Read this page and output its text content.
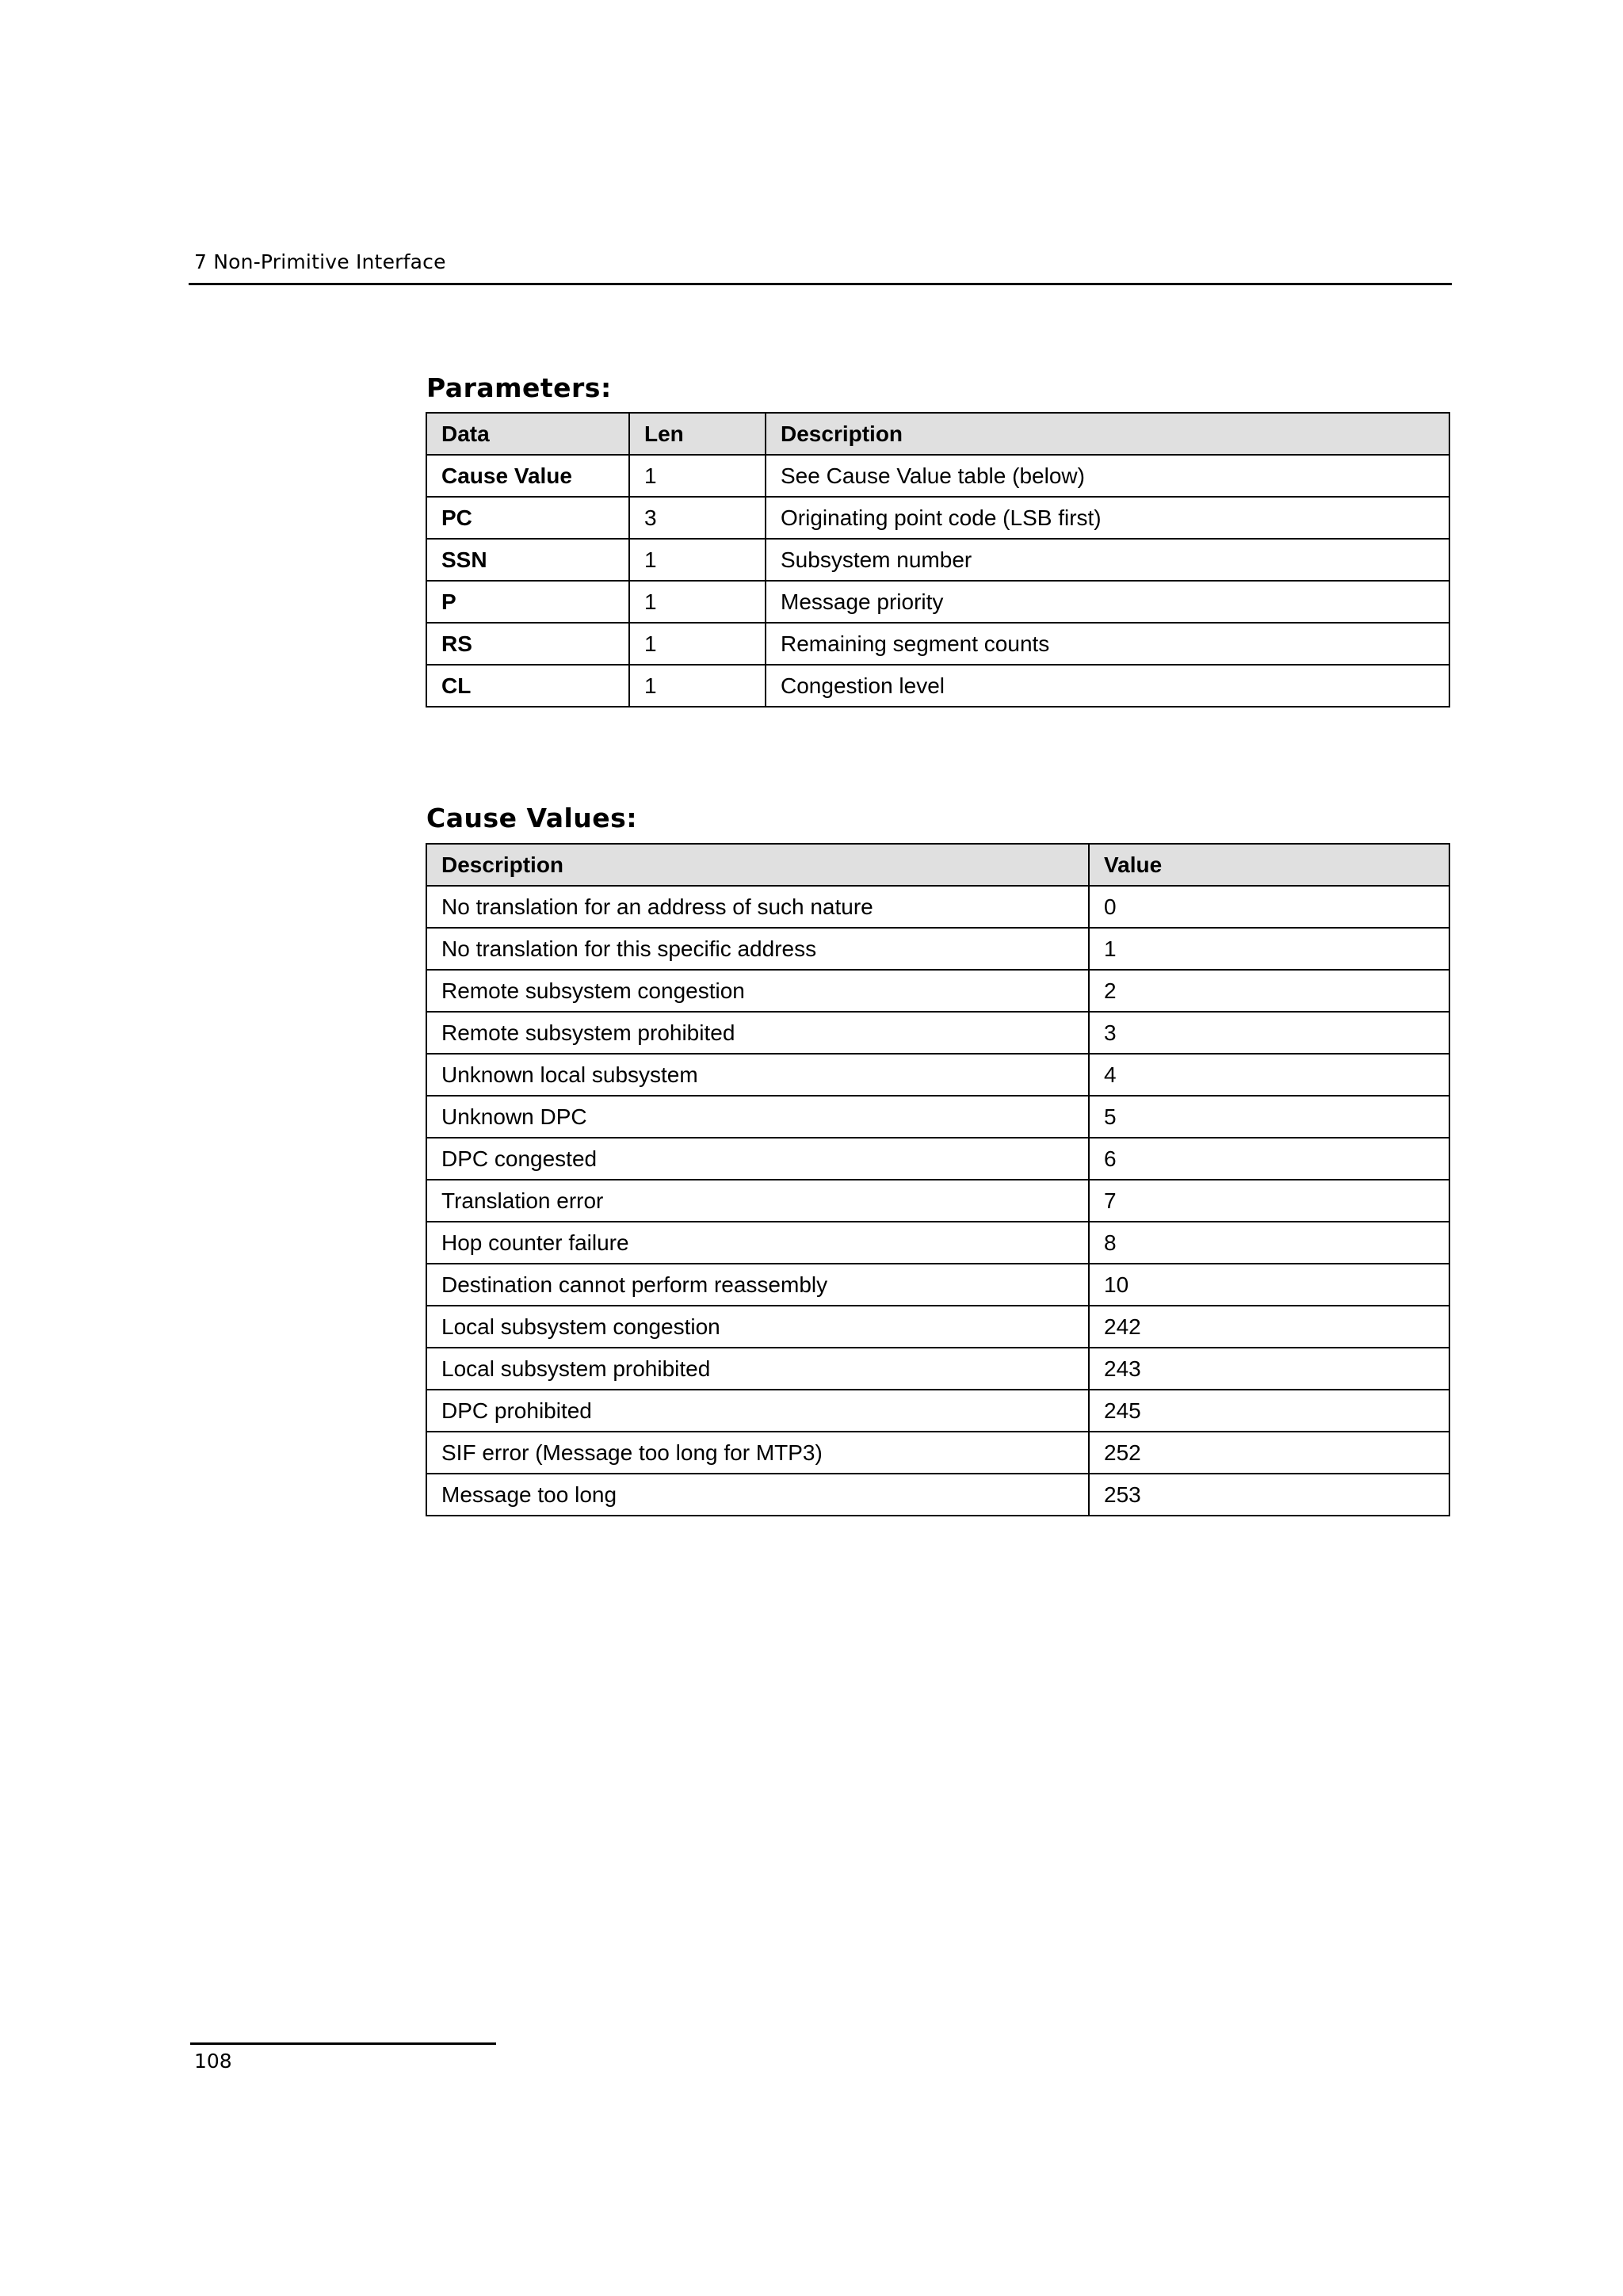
7 Non-Primitive Interface
Parameters:
Data	Len	Description
Cause Value	1	See Cause Value table (below)
PC	3	Originating point code (LSB first)
SSN	1	Subsystem number
P	1	Message priority
RS	1	Remaining segment counts
CL	1	Congestion level
Cause Values:
Description	Value
No translation for an address of such nature	0
No translation for this specific address	1
Remote subsystem congestion	2
Remote subsystem prohibited	3
Unknown local subsystem	4
Unknown DPC	5
DPC congested	6
Translation error	7
Hop counter failure	8
Destination cannot perform reassembly	10
Local subsystem congestion	242
Local subsystem prohibited	243
DPC prohibited	245
SIF error (Message too long for MTP3)	252
Message too long	253
108
